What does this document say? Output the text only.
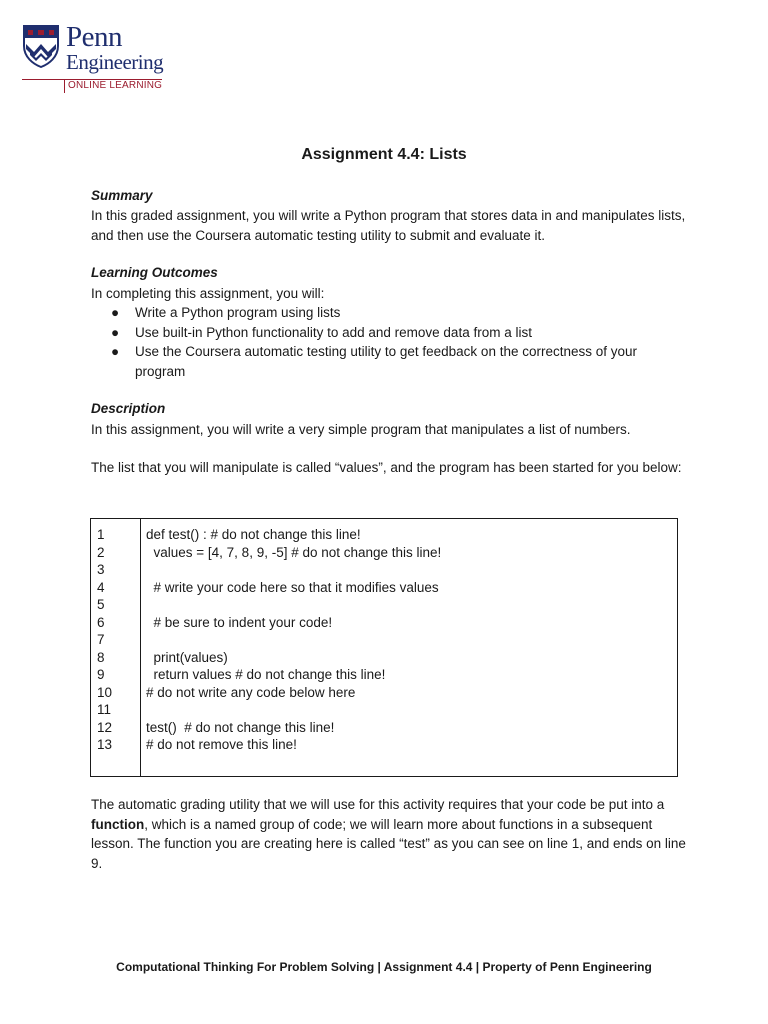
Penn
Engineering
ONLINE LEARNING
Assignment 4.4: Lists
Summary
In this graded assignment, you will write a Python program that stores data in and manipulates lists, and then use the Coursera automatic testing utility to submit and evaluate it.
Learning Outcomes
In completing this assignment, you will:
● Write a Python program using lists
● Use built-in Python functionality to add and remove data from a list
● Use the Coursera automatic testing utility to get feedback on the correctness of your program
Description
In this assignment, you will write a very simple program that manipulates a list of numbers.
The list that you will manipulate is called “values”, and the program has been started for you below:
1
2
3
4
5
6
7
8
9
10
11
12
13
def test() : # do not change this line!
values = [4, 7, 8, 9, -5] # do not change this line!
# write your code here so that it modifies values
# be sure to indent your code!
print(values)
return values # do not change this line!
# do not write any code below here
test()  # do not change this line!
# do not remove this line!
The automatic grading utility that we will use for this activity requires that your code be put into a function, which is a named group of code; we will learn more about functions in a subsequent lesson. The function you are creating here is called “test” as you can see on line 1, and ends on line 9.
Computational Thinking For Problem Solving | Assignment 4.4 | Property of Penn Engineering
